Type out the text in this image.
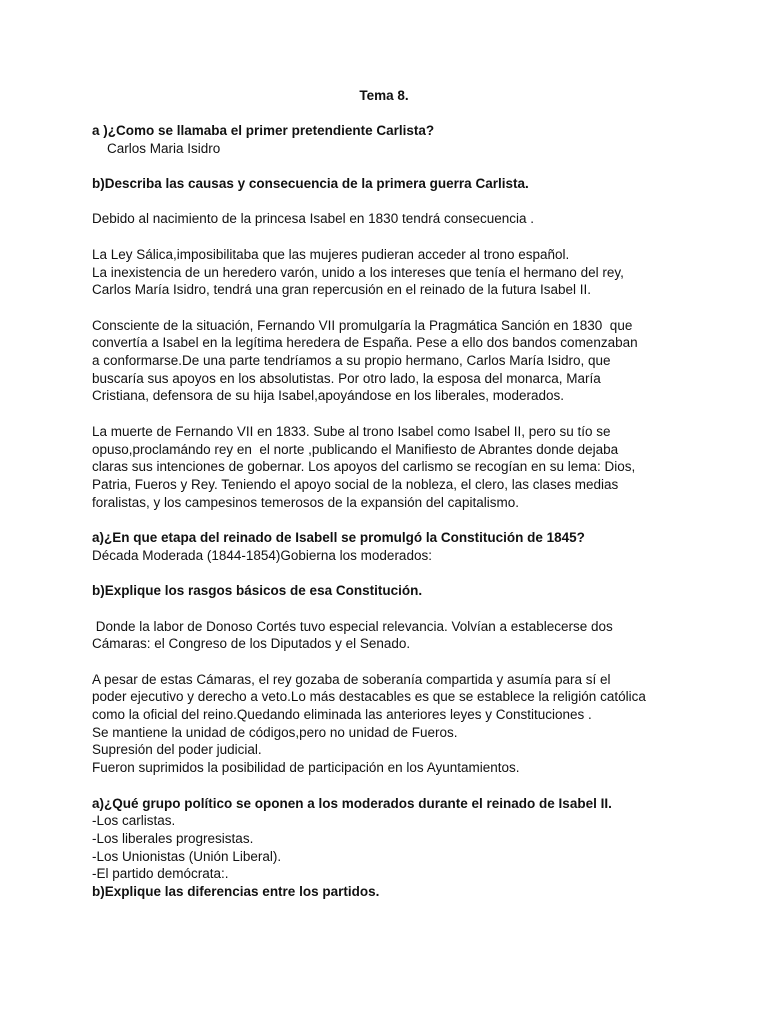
Tema 8.
a )¿Como se llamaba el primer pretendiente Carlista?
Carlos Maria Isidro
b)Describa las causas y consecuencia de la primera guerra Carlista.
Debido al nacimiento de la princesa Isabel en 1830 tendrá consecuencia .
La Ley Sálica,imposibilitaba que las mujeres pudieran acceder al trono español.
La inexistencia de un heredero varón, unido a los intereses que tenía el hermano del rey,
Carlos María Isidro, tendrá una gran repercusión en el reinado de la futura Isabel II.
Consciente de la situación, Fernando VII promulgaría la Pragmática Sanción en 1830  que
convertía a Isabel en la legítima heredera de España. Pese a ello dos bandos comenzaban
a conformarse.De una parte tendríamos a su propio hermano, Carlos María Isidro, que
buscaría sus apoyos en los absolutistas. Por otro lado, la esposa del monarca, María
Cristiana, defensora de su hija Isabel,apoyándose en los liberales, moderados.
La muerte de Fernando VII en 1833. Sube al trono Isabel como Isabel II, pero su tío se
opuso,proclamándo rey en  el norte ,publicando el Manifiesto de Abrantes donde dejaba
claras sus intenciones de gobernar. Los apoyos del carlismo se recogían en su lema: Dios,
Patria, Fueros y Rey. Teniendo el apoyo social de la nobleza, el clero, las clases medias
foralistas, y los campesinos temerosos de la expansión del capitalismo.
a)¿En que etapa del reinado de Isabell se promulgó la Constitución de 1845?
Década Moderada (1844-1854)Gobierna los moderados:
b)Explique los rasgos básicos de esa Constitución.
Donde la labor de Donoso Cortés tuvo especial relevancia. Volvían a establecerse dos
Cámaras: el Congreso de los Diputados y el Senado.
A pesar de estas Cámaras, el rey gozaba de soberanía compartida y asumía para sí el
poder ejecutivo y derecho a veto.Lo más destacables es que se establece la religión católica
como la oficial del reino.Quedando eliminada las anteriores leyes y Constituciones .
Se mantiene la unidad de códigos,pero no unidad de Fueros.
Supresión del poder judicial.
Fueron suprimidos la posibilidad de participación en los Ayuntamientos.
a)¿Qué grupo político se oponen a los moderados durante el reinado de Isabel II.
-Los carlistas.
-Los liberales progresistas.
-Los Unionistas (Unión Liberal).
-El partido demócrata:.
b)Explique las diferencias entre los partidos.
